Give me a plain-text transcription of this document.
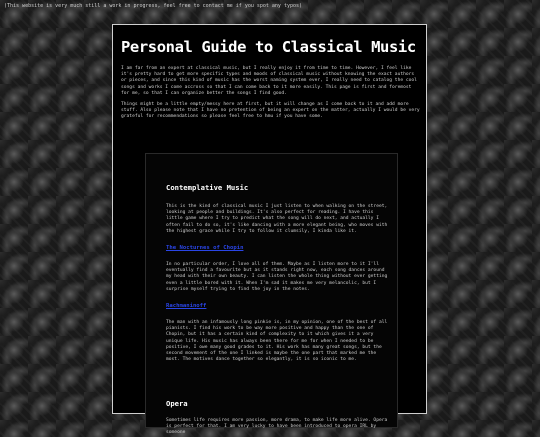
(This website is very much still a work in progress, feel free to contact me if you spot any typos)
Personal Guide to Classical Music

I am far from an expert at classical music, but I really enjoy it from time to time. However, I feel like it's pretty hard to get more specific types and moods of classical music without knowing the exact authors or pieces, and since this kind of music has the worst naming system ever, I really need to catalog the cool songs and works I come accross so that I can come back to it more easily. This page is first and foremost for me, so that I can organize better the songs I find good.

Things might be a little empty/messy here at first, but it will change as I come back to it and add more stuff. Also please note that I have no pretention of being an expert on the matter, actually I would be very grateful for recommendations so please feel free to hmu if you have some.

Contemplative Music

This is the kind of classical music I just listen to when walking on the street, looking at people and buildings. It's also perfect for reading. I have this little game where I try to predict what the song will do next, and actually I often fail to do so, it's like dancing with a more elegant being, who moves with the highest grace while I try to follow it clumsily, I kinda like it.

The Nocturnes of Chopin

In no particular order, I love all of them. Maybe as I listen more to it I'll eventually find a favourite but as it stands right now, each song dances around my head with their own beauty. I can listen the whole thing without ever getting even a little bored with it. When I'm sad it makes me very melancolic, but I surprise myself trying to find the joy in the notes.

Rachmaninoff

The man with an infamously long pinkie is, in my opinion, one of the best of all pianists. I find his work to be way more positive and happy than the one of Chopin, but it has a certain kind of complexity to it which gives it a very unique life. His music has always been there for me for when I needed to be positive, I owe many good grades to it. His work has many great songs, but the second movement of the one I linked is maybe the one part that marked me the most. The motives dance together so elegantly, it is so iconic to me.

Opera

Sometimes life requires more passion, more drama, to make life more alive. Opera is perfect for that. I am very lucky to have been introduced to opera IRL by someone
